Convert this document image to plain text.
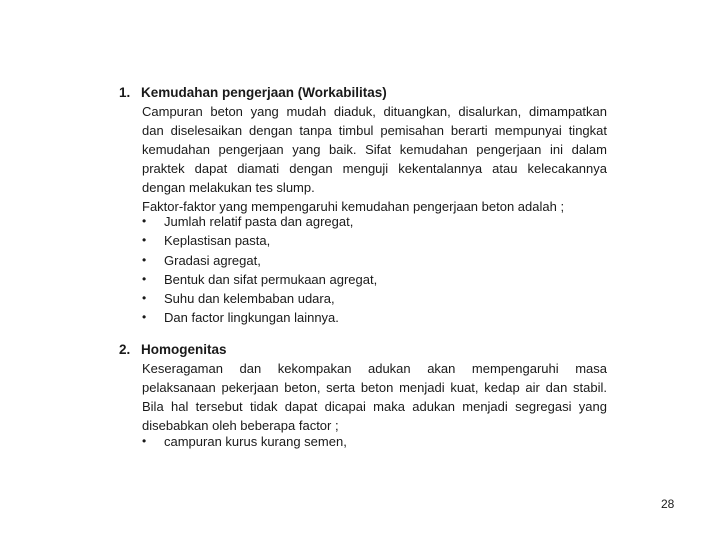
1. Kemudahan pengerjaan (Workabilitas)
Campuran beton yang mudah diaduk, dituangkan, disalurkan, dimampatkan
dan diselesaikan dengan tanpa timbul pemisahan berarti mempunyai tingkat
kemudahan pengerjaan yang baik. Sifat kemudahan pengerjaan ini dalam
praktek dapat diamati dengan menguji kekentalannya atau kelecakannya
dengan melakukan tes slump.
Faktor-faktor yang mempengaruhi kemudahan pengerjaan beton adalah ;
• Jumlah relatif pasta dan agregat,
• Keplastisan pasta,
• Gradasi agregat,
• Bentuk dan sifat permukaan agregat,
• Suhu dan kelembaban udara,
• Dan factor lingkungan lainnya.
2. Homogenitas
Keseragaman dan kekompakan adukan akan mempengaruhi masa
pelaksanaan pekerjaan beton, serta beton menjadi kuat, kedap air dan stabil.
Bila hal tersebut tidak dapat dicapai maka adukan menjadi segregasi yang
disebabkan oleh beberapa factor ;
• campuran kurus kurang semen,
28
